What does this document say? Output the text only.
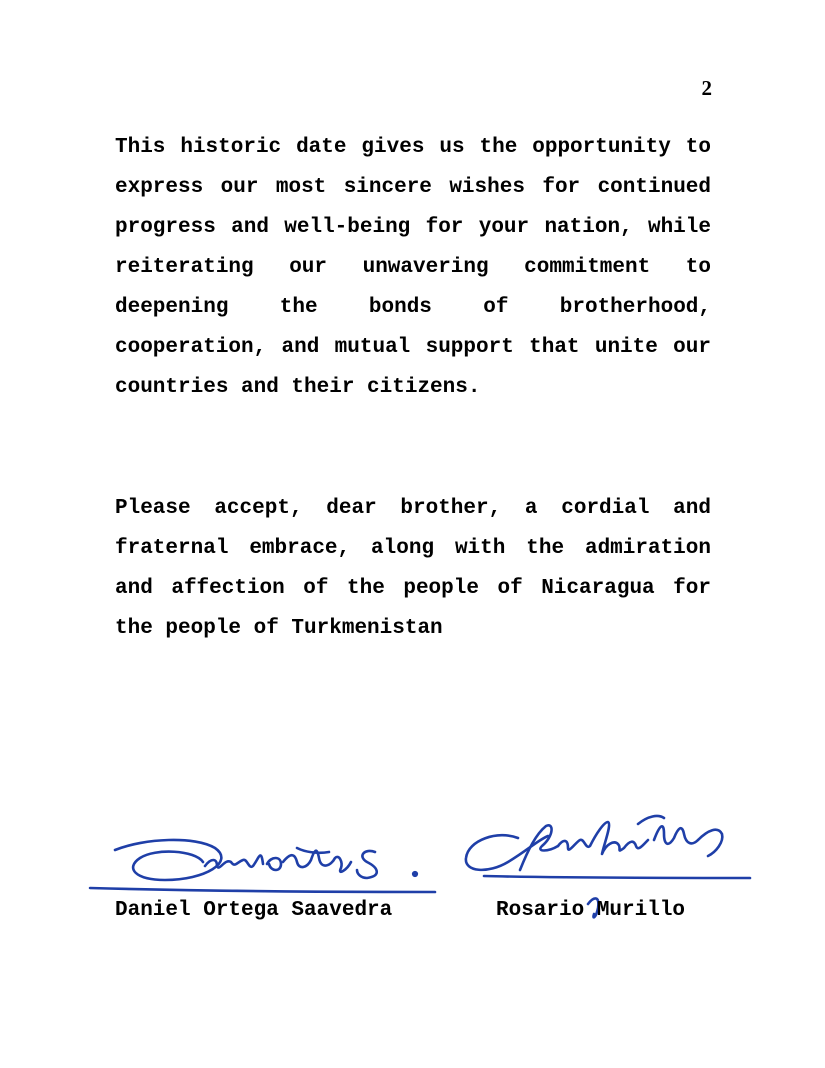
2

This historic date gives us the opportunity to express our most sincere wishes for continued progress and well-being for your nation, while reiterating our unwavering commitment to deepening the bonds of brotherhood, cooperation, and mutual support that unite our countries and their citizens.

Please accept, dear brother, a cordial and fraternal embrace, along with the admiration and affection of the people of Nicaragua for the people of Turkmenistan

Daniel Ortega Saavedra	Rosario Murillo
